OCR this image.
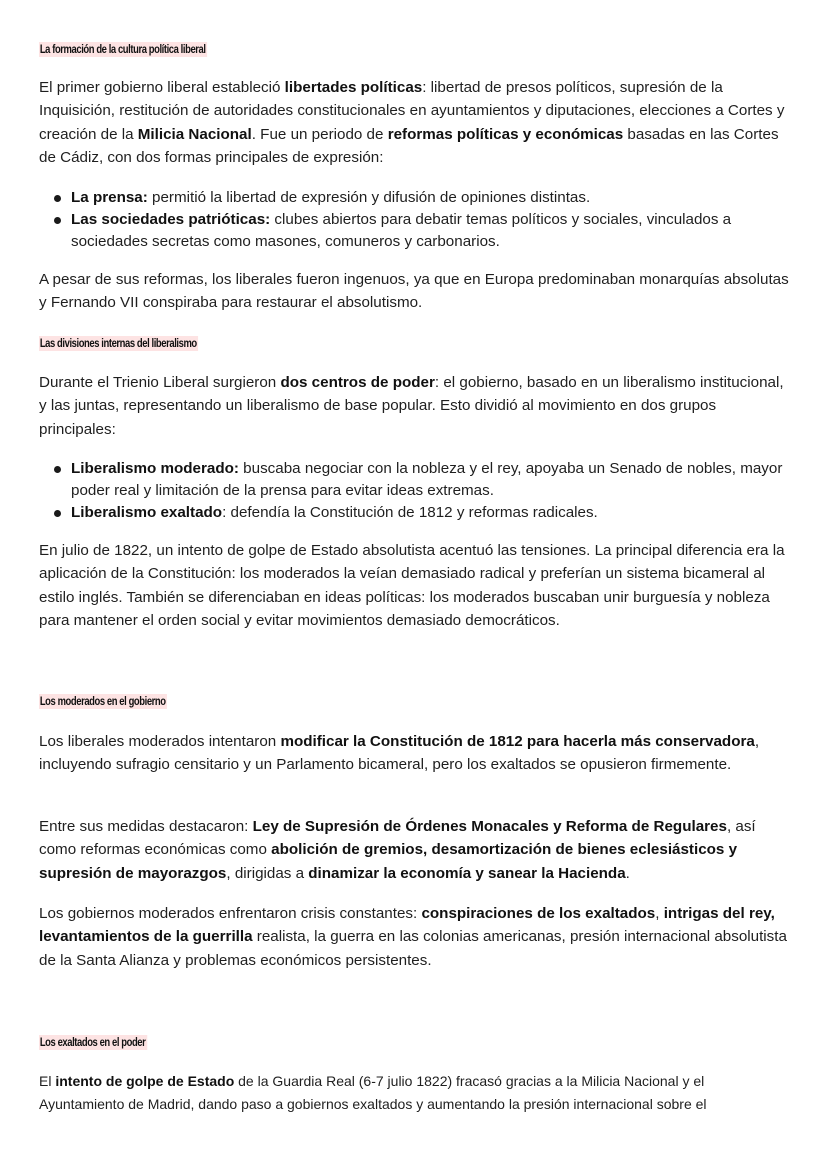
La formación de la cultura política liberal

El primer gobierno liberal estableció libertades políticas: libertad de presos políticos, supresión de la Inquisición, restitución de autoridades constitucionales en ayuntamientos y diputaciones, elecciones a Cortes y creación de la Milicia Nacional. Fue un periodo de reformas políticas y económicas basadas en las Cortes de Cádiz, con dos formas principales de expresión:

La prensa: permitió la libertad de expresión y difusión de opiniones distintas.
Las sociedades patrióticas: clubes abiertos para debatir temas políticos y sociales, vinculados a sociedades secretas como masones, comuneros y carbonarios.

A pesar de sus reformas, los liberales fueron ingenuos, ya que en Europa predominaban monarquías absolutas y Fernando VII conspiraba para restaurar el absolutismo.

Las divisiones internas del liberalismo

Durante el Trienio Liberal surgieron dos centros de poder: el gobierno, basado en un liberalismo institucional, y las juntas, representando un liberalismo de base popular. Esto dividió al movimiento en dos grupos principales:

Liberalismo moderado: buscaba negociar con la nobleza y el rey, apoyaba un Senado de nobles, mayor poder real y limitación de la prensa para evitar ideas extremas.
Liberalismo exaltado: defendía la Constitución de 1812 y reformas radicales.

En julio de 1822, un intento de golpe de Estado absolutista acentuó las tensiones. La principal diferencia era la aplicación de la Constitución: los moderados la veían demasiado radical y preferían un sistema bicameral al estilo inglés. También se diferenciaban en ideas políticas: los moderados buscaban unir burguesía y nobleza para mantener el orden social y evitar movimientos demasiado democráticos.

Los moderados en el gobierno

Los liberales moderados intentaron modificar la Constitución de 1812 para hacerla más conservadora, incluyendo sufragio censitario y un Parlamento bicameral, pero los exaltados se opusieron firmemente.

Entre sus medidas destacaron: Ley de Supresión de Órdenes Monacales y Reforma de Regulares, así como reformas económicas como abolición de gremios, desamortización de bienes eclesiásticos y supresión de mayorazgos, dirigidas a dinamizar la economía y sanear la Hacienda.

Los gobiernos moderados enfrentaron crisis constantes: conspiraciones de los exaltados, intrigas del rey, levantamientos de la guerrilla realista, la guerra en las colonias americanas, presión internacional absolutista de la Santa Alianza y problemas económicos persistentes.

Los exaltados en el poder

El intento de golpe de Estado de la Guardia Real (6-7 julio 1822) fracasó gracias a la Milicia Nacional y el Ayuntamiento de Madrid, dando paso a gobiernos exaltados y aumentando la presión internacional sobre el
